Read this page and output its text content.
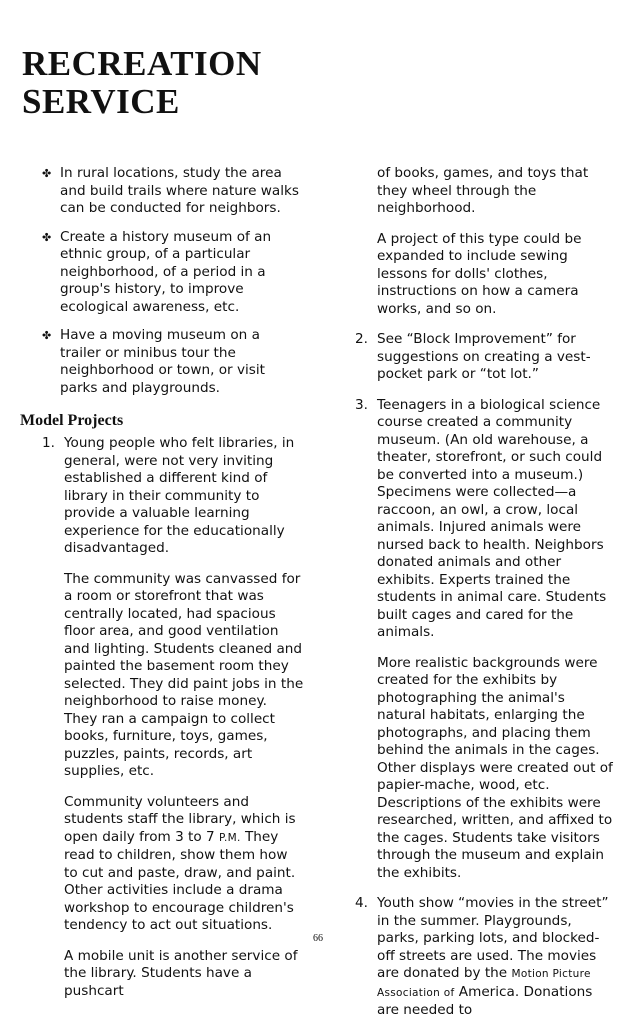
RECREATION
SERVICE
✤ In rural locations, study the area and build trails where nature walks can be conducted for neighbors.
✤ Create a history museum of an ethnic group, of a particular neighborhood, of a period in a group's history, to improve ecological awareness, etc.
✤ Have a moving museum on a trailer or minibus tour the neighborhood or town, or visit parks and playgrounds.
Model Projects
1. Young people who felt libraries, in general, were not very inviting established a different kind of library in their community to provide a valuable learning experience for the educationally disadvantaged.

The community was canvassed for a room or storefront that was centrally located, had spacious floor area, and good ventilation and lighting. Students cleaned and painted the basement room they selected. They did paint jobs in the neighborhood to raise money. They ran a campaign to collect books, furniture, toys, games, puzzles, paints, records, art supplies, etc.

Community volunteers and students staff the library, which is open daily from 3 to 7 P.M. They read to children, show them how to cut and paste, draw, and paint. Other activities include a drama workshop to encourage children's tendency to act out situations.

A mobile unit is another service of the library. Students have a pushcart

of books, games, and toys that they wheel through the neighborhood.

A project of this type could be expanded to include sewing lessons for dolls' clothes, instructions on how a camera works, and so on.

2. See “Block Improvement” for suggestions on creating a vest-pocket park or “tot lot.”

3. Teenagers in a biological science course created a community museum. (An old warehouse, a theater, storefront, or such could be converted into a museum.) Specimens were collected—a raccoon, an owl, a crow, local animals. Injured animals were nursed back to health. Neighbors donated animals and other exhibits. Experts trained the students in animal care. Students built cages and cared for the animals.

More realistic backgrounds were created for the exhibits by photographing the animal's natural habitats, enlarging the photographs, and placing them behind the animals in the cages. Other displays were created out of papier-mache, wood, etc. Descriptions of the exhibits were researched, written, and affixed to the cages. Students take visitors through the museum and explain the exhibits.

4. Youth show “movies in the street” in the summer. Playgrounds, parks, parking lots, and blocked-off streets are used. The movies are donated by the Motion Picture Association of America. Donations are needed to

66
